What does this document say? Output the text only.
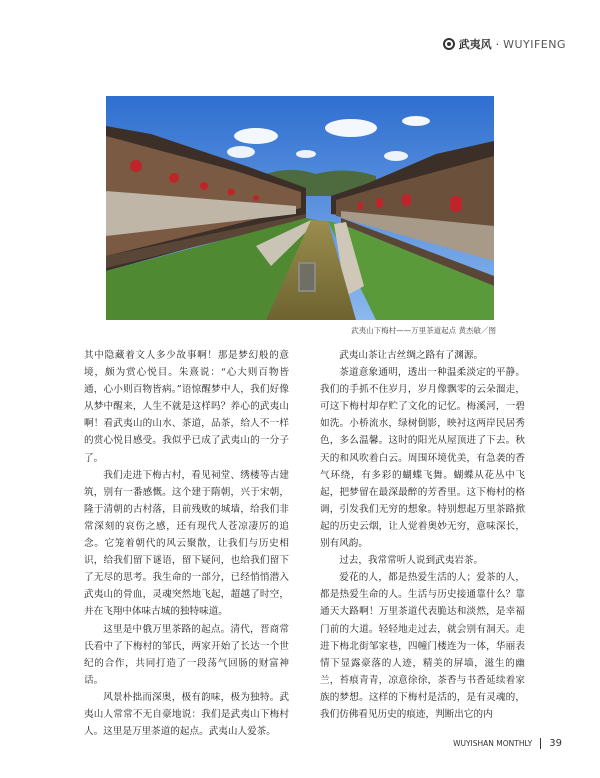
武夷风 · WUYIFENG
武夷山下梅村——万里茶道起点 黄杰敏／图

其中隐藏着文人多少故事啊！那是梦幻般的意境，颇为赏心悦目。朱熹说：“心大则百物皆通，心小则百物皆病。”语惊醒梦中人，我们好像从梦中醒来，人生不就是这样吗？养心的武夷山啊！看武夷山的山水、茶道，品茶，给人不一样的赏心悦目感受。我似乎已成了武夷山的一分子了。

我们走进下梅古村，看见祠堂、绣楼等古建筑，别有一番感慨。这个建于隋朝，兴于宋朝，隆于清朝的古村落，目前残败的城墙，给我们非常深刻的哀伤之感，还有现代人苍凉凄厉的追念。它笼着朝代的风云聚散，让我们与历史相识，给我们留下谜语，留下疑问，也给我们留下了无尽的思考。我生命的一部分，已经悄悄潜入武夷山的骨血，灵魂突然地飞起，超越了时空，并在飞翔中体味古城的独特味道。

这里是中俄万里茶路的起点。清代，晋商常氏看中了下梅村的邹氏，两家开始了长达一个世纪的合作，共同打造了一段荡气回肠的财富神话。

风景朴拙而深奥，极有韵味，极为独特。武夷山人常常不无自豪地说：我们是武夷山下梅村人。这里是万里茶道的起点。武夷山人爱茶。

武夷山茶让古丝绸之路有了渊源。

茶道意象通明，透出一种温柔淡定的平静。我们的手抓不住岁月，岁月像飘零的云朵溜走，可这下梅村却存贮了文化的记忆。梅溪河，一碧如洗。小桥流水，绿树倒影，映衬这两岸民居秀色，多么温馨。这时的阳光从屋顶进了下去。秋天的和风吹着白云。周围环境优美，有急袭的香气环绕，有多彩的蝴蝶飞舞。蝴蝶从花丛中飞起，把梦留在最深最醉的芳香里。这下梅村的格调，引发我们无穷的想象。特别想起万里茶路掀起的历史云烟，让人觉着奥妙无穷，意味深长，别有风韵。

过去，我常常听人说到武夷岩茶。

爱花的人，都是热爱生活的人；爱茶的人，都是热爱生命的人。生活与历史接通靠什么？靠通天大路啊！万里茶道代表脆达和淡然，是幸福门前的大道。轻轻地走过去，就会别有洞天。走进下梅北街邹家巷，四幢门楼连为一体，华丽表情下显露豪落的人迹，精美的屏墙，滋生的幽兰，苔痕青青，凉意徐徐，茶香与书香延续着家族的梦想。这样的下梅村是活的，是有灵魂的，我们仿佛看见历史的痕迹，判断出它的内

WUYISHAN MONTHLY 39
